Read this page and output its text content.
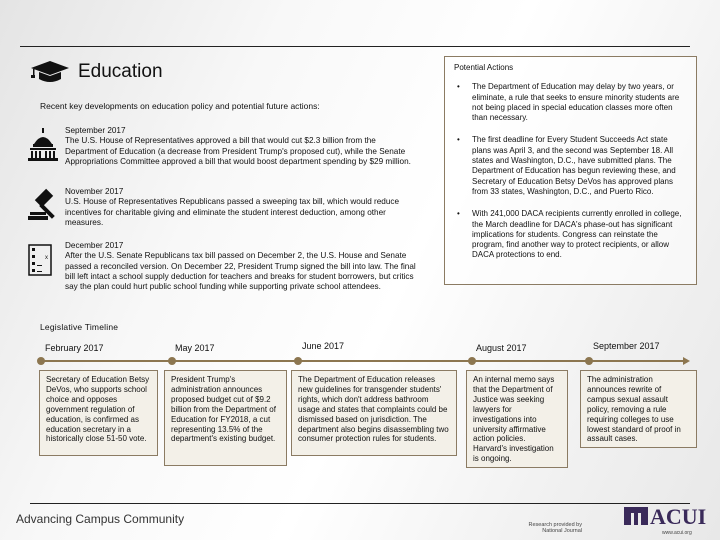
Education
Recent key developments on education policy and potential future actions:
September 2017
The U.S. House of Representatives approved a bill that would cut $2.3 billion from the Department of Education (a decrease from President Trump's proposed cut), while the Senate Appropriations Committee approved a bill that would boost department spending by $29 million.
November 2017
U.S. House of Representatives Republicans passed a sweeping tax bill, which would reduce incentives for charitable giving and eliminate the student interest deduction, among other measures.
x
December 2017
After the U.S. Senate Republicans tax bill passed on December 2, the U.S. House and Senate passed a reconciled version. On December 22, President Trump signed the bill into law. The final bill left intact a school supply deduction for teachers and breaks for student borrowers, but critics say the plan could hurt public school funding while supporting private school attendees.
Potential Actions
• The Department of Education may delay by two years, or eliminate, a rule that seeks to ensure minority students are not being placed in special education classes more often than necessary.
• The first deadline for Every Student Succeeds Act state plans was April 3, and the second was September 18. All states and Washington, D.C., have submitted plans. The Department of Education has begun reviewing these, and Secretary of Education Betsy DeVos has approved plans from 33 states, Washington, D.C., and Puerto Rico.
• With 241,000 DACA recipients currently enrolled in college, the March deadline for DACA's phase-out has significant implications for students. Congress can reinstate the program, find another way to protect recipients, or allow DACA protections to end.
Legislative Timeline
February 2017	May 2017	June 2017	August 2017	September 2017
Secretary of Education Betsy DeVos, who supports school choice and opposes government regulation of education, is confirmed as education secretary in a historically close 51-50 vote.
President Trump's administration announces proposed budget cut of $9.2 billion from the Department of Education for FY2018, a cut representing 13.5% of the department's existing budget.
The Department of Education releases new guidelines for transgender students' rights, which don't address bathroom usage and states that complaints could be dismissed based on jurisdiction. The department also begins disassembling two consumer protection rules for students.
An internal memo says that the Department of Justice was seeking lawyers for investigations into university affirmative action policies. Harvard's investigation is ongoing.
The administration announces rewrite of campus sexual assault policy, removing a rule requiring colleges to use lowest standard of proof in assault cases.
Advancing Campus Community	Research provided by National Journal
ACUI
www.acui.org
